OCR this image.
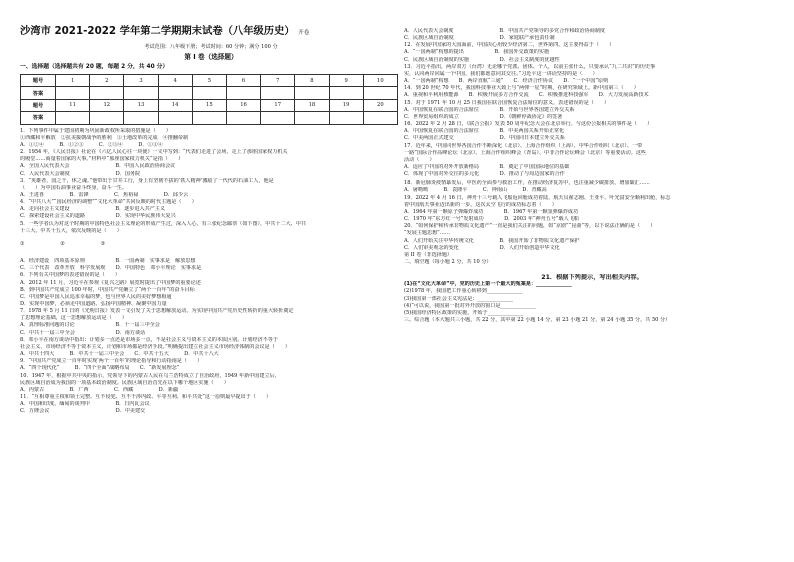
沙湾市 2021-2022 学年第二学期期末试卷（八年级历史） 开卷
考试范围：八年级下册；考试时间：60 分钟；满分 100 分
第 I 卷（选择题）
一、选择题（选择题共有 20 题，每题 2 分，共 40 分）
题号	1	2	3	4	5	6	7	8	9	10
答案										
题号	11	12	13	14	15	16	17	18	19	20
答案										
1．下列事件中属于建国初期为巩固新政权所采取的措施是（　　）
①西藏和平解放　②抗美援朝战争的胜利　③土地改革的完成　④推翻帝制
A．①②④　　　B．①②③　　　C．②③④　　　D．①③④
2．1954 年，《人民日报》社论在《六亿人民心往一块使》一文中写到：“代表们走进了会场，走上了那座国家权力机关
的殿堂……商量着国家的大事。”材料中“那座国家权力机关”是指（　　）
A．全国人民代表大会　　　　　　　　　B．中国人民政治协商会议
C．人民代表大会制度　　　　　　　　　D．国务院
3．“英雄者，国之干，休之魂。”他带出于甘井工行，身上有坚韧不拔的‘铁人精神’激励了一代代的石油工人，他是
（　　）为中国石油事业奋斗终身，奋斗一生。
A．王进喜　　　　　B．雷锋　　　　　C．焦裕禄　　　　　D．邱少云
4．“中共八大”“国民经济的调整”“文化大革命”共同反映的时代主题是（　　）
A．走向社会主义建设　　　　　　　　　B．逐步进入共产主义
C．探索建设社会主义的道路　　　　　　D．实现中华民族伟大复兴
5．一些学者认为对这个时期的中国特色社会主义理论的形成产生过，深入人心，有三张纪念邮票（如下图），中共十二大、中共
十三大、中共十五大，依次反映的是（　　）
①　　　　　　　②　　　　　　　③
A．经济建设　四项基本原则　　　　　　B．一国两制　实事求是　解放思想
C．三个代表　改革开放　科学发展观　　D．中国特色　邓小平理论　实事求是
6．下列有关中国梦的表述错误的是（　　）
A．2012 年 11 月，习近平在参观《复兴之路》展览时提出了中国梦的重要论述
B．到中国共产党成立 100 年时，中国共产党确立了“两个一百年”的奋斗目标
C．中国梦是中国人民追求幸福的梦，也与世界人民的美好梦想相通
D．实现中国梦，必须走中国道路、弘扬中国精神、凝聚中国力量
7．1978 年 5 月 11 日的《光明日报》发表一文引发了关于思想解放运动。为实现中国共产党历史性转折的重大转折奠定
了思想理论基础，这一思想解放运动是（　　）
A．真理标准问题的讨论　　　　　　　　B．十一届三中全会
C．中共十一届三中全会　　　　　　　　D．南方谈话
8．邓小平在南方谈话中指出：计划多一点还是市场多一点，不是社会主义与资本主义的本质区别。计划经济不等于
社会主义，市场经济不等于资本主义，计划和市场都是经济手段。”明确提出建立社会主义市场经济体制的会议是（　　）
A．中共十四大　　　B．中共十一届三中全会　　C．中共十五大　　　D．中共十八大
9．“中国共产党成立一百年时实现‘两个一百年’的理论指导和行动指南是（　　）
A．“四个现代化”　　　B．“四个全面”战略布局　　C．“新发展理念”
10．1947 年，根据中共中央的指示，党领导下的内蒙古人民在乌兰浩特成立了自治政府，1949 年新中国建立后，
民族区域自治成为我国的一项基本政治制度。民族区域自治首先在以下哪个地区实施（　　）
A．内蒙古　　　　　B．广西　　　　　C．西藏　　　　　D．新疆
11．“互相尊重主权和领土完整、互不侵犯、互不干涉内政、平等互利、和平共处”这一原则最早提出于（　　）
A．中国和印度、缅甸的谈判中　　　　　B．日内瓦会议
C．万隆会议　　　　　　　　　　　　　D．中美建交
A．人民代表大会制度　　　　　　　　　B．中国共产党领导的多党合作和政治协商制度
C．民族区域自治制度　　　　　　　　　D．家庭联产承包责任制
12．在发展中国家的大国面前，中国决心用较少经济第二，世界第四。这主要得益于（　　）
A．“一国两制”构想的提出　　　　　　B．我国外交政策的实施
C．民族区域自治制度的实施　　　　　　D．社会主义制度的优越性
13．习近平指出，两岸双方（台湾）无论哪个党派、团体、个人，以前主张什么，只要承认“九二共识”的历史事
实，认同两岸同属一个中国，我们都愿意同其交往。”习近平这一讲话坚持的是（　　）
A．“一国两制”构想　　B．两岸直航“三通”　　C．经济合作协议　　D．“一个中国”原则
14．到 20 世纪 70 年代，我国科技事业大致上与“两弹一星”时期，在研究领域上。新中国第三（　　）
A．重视和平利用核能源　　B．积极开展多方合作交流　　C．积极推进科技强军　　D．大力发展高新技术
15．对于 1971 年 10 月 25 日我国在联合国恢复合法席位的意义，表述错误的是（　　）
A．中国恢复在联合国的合法席位　　　　B．开始与世界各国建立外交关系
C．世界贸易组织的成立　　　　　　　　D．《朝鲜停战协定》的签署
16．2022 年 2 月 28 日，《联合公报》发表 50 周年纪念大会在北京举行。与这份公报相关的事件是（　　）
A．中国恢复在联合国的合法席位　　　　B．中美两国关系开始正常化
C．中美两国正式建交　　　　　　　　　D．中国同日本建立外交关系
17．近年来，中国同世界各国合作不断深化（北京）、上海合作组织（上海）、中华合作组织（北京）、一带
一路”国际合作高峰论坛（北京）、上海合作组织峰会（青岛）、中非合作论坛峰会（北京）等重要活动。这些
活动（　　）
A．适应了中国的对外开放新格局　　　　B．奠定了中国国际地位的基础
C．体现了中国对外交往的多元化　　　　D．推动了与周边国家的合作
18．新冠肺炎疫情暴发后，中医药全面参与救治工作，在推动经济复苏中，也注重减少碳排放，增加碳汇……
A．屠呦呦　　　B．袁隆平　　　C．钟南山　　　D．青藏高
19．2022 年 4 月 16 日，神舟十三号载人飞船返回舱成功着陆，航天员翟志刚、王亚平、叶光富安全顺利出舱，标志
着中国航天事业迈出新的一步，这次太空飞行的成功标志着（　　）
A．1964 年第一颗原子弹爆炸成功　　　　B．1967 年第一颗氢弹爆炸成功
C．1970 年“东方红一号”发射成功　　　　D．2003 年“神舟五号”载人飞船
20．“如何保护和传承非物质文化遗产”一直是我们关注的问题，如“京剧”“昆曲”等，以下说法正确的是（　　）
“发展主题思想”……
A．人们开始关注中华传统文化　　　　　B．我国开始了非物质文化遗产保护
C．人们审美观念的变化　　　　　　　　D．人们开始创造中华文化
第 II 卷（非选择题）
二、填空题（每小题 2 分，共 10 分）
21．根据下列提示，写出相关内容。
(1)在“文化大革命”中，党的历史上第一个最大的冤案是：______________
(2)1978 年，我国把工作重心转移到______________
(3)我国第一部社会主义宪法是：______________
(4)“可以说，我国第一批对外开放的窗口是______________
(5)我国经济特区政策的实施，开始于______________
三、综合题（本大题共三小题，共 22 分，其中第 22 小题 14 分，第 23 小题 21 分，第 24 小题 35 分，共 50 分）
